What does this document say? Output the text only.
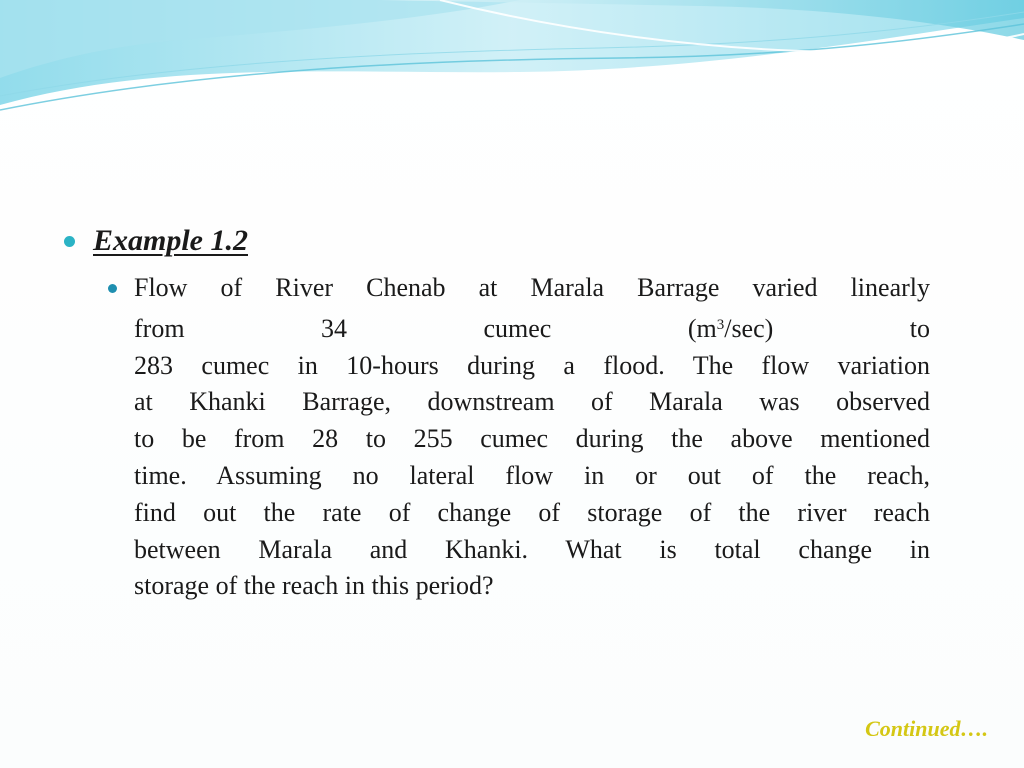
Example 1.2
Flow of River Chenab at Marala Barrage varied linearly
from 34 cumec $(m^3/\sec)$ to
283 cumec in 10-hours during a flood. The flow variation
at Khanki Barrage, downstream of Marala was observed
to be from 28 to 255 cumec during the above mentioned
time. Assuming no lateral flow in or out of the reach,
find out the rate of change of storage of the river reach
between Marala and Khanki. What is total change in
storage of the reach in this period?
Continued….
